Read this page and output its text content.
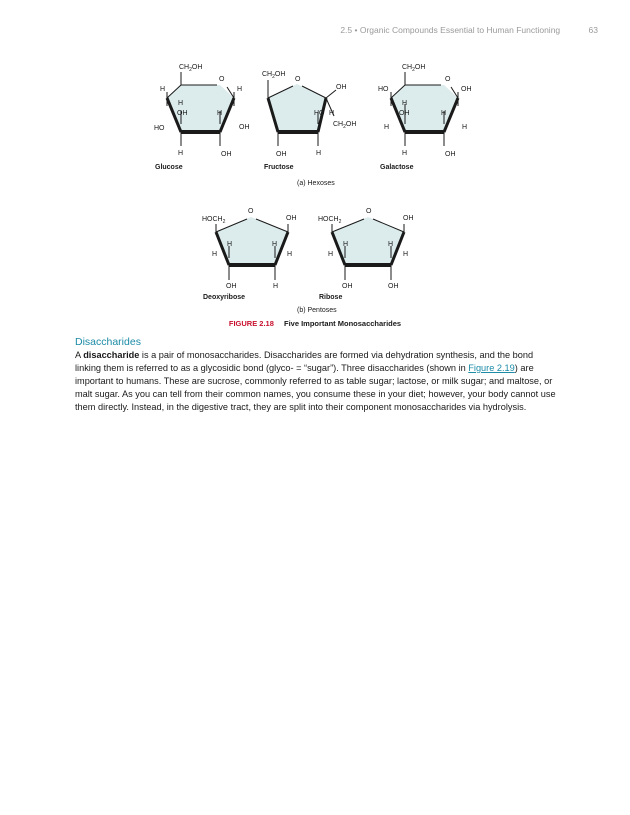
2.5 • Organic Compounds Essential to Human Functioning	63
$CH_2OH$
O
H	H
H
OH	H
HO	OH
H	OH
Glucose
$CH_2OH$
O
OH
HO H
$CH_2OH$
OH	H
Fructose
$CH_2OH$
O
HO	OH
H
OH	H
H	H
H	OH
Galactose
(a) Hexoses
$HOCH_2$
O
OH
H	H
H	H
OH	H
Deoxyribose
$HOCH_2$
O
OH
H	H
H	H
OH	OH
Ribose
(b) Pentoses
FIGURE 2.18 Five Important Monosaccharides
Disaccharides

A disaccharide is a pair of monosaccharides. Disaccharides are formed via dehydration synthesis, and the bond linking them is referred to as a glycosidic bond (glyco- = “sugar”). Three disaccharides (shown in Figure 2.19) are important to humans. These are sucrose, commonly referred to as table sugar; lactose, or milk sugar; and maltose, or malt sugar. As you can tell from their common names, you consume these in your diet; however, your body cannot use them directly. Instead, in the digestive tract, they are split into their component monosaccharides via hydrolysis.
